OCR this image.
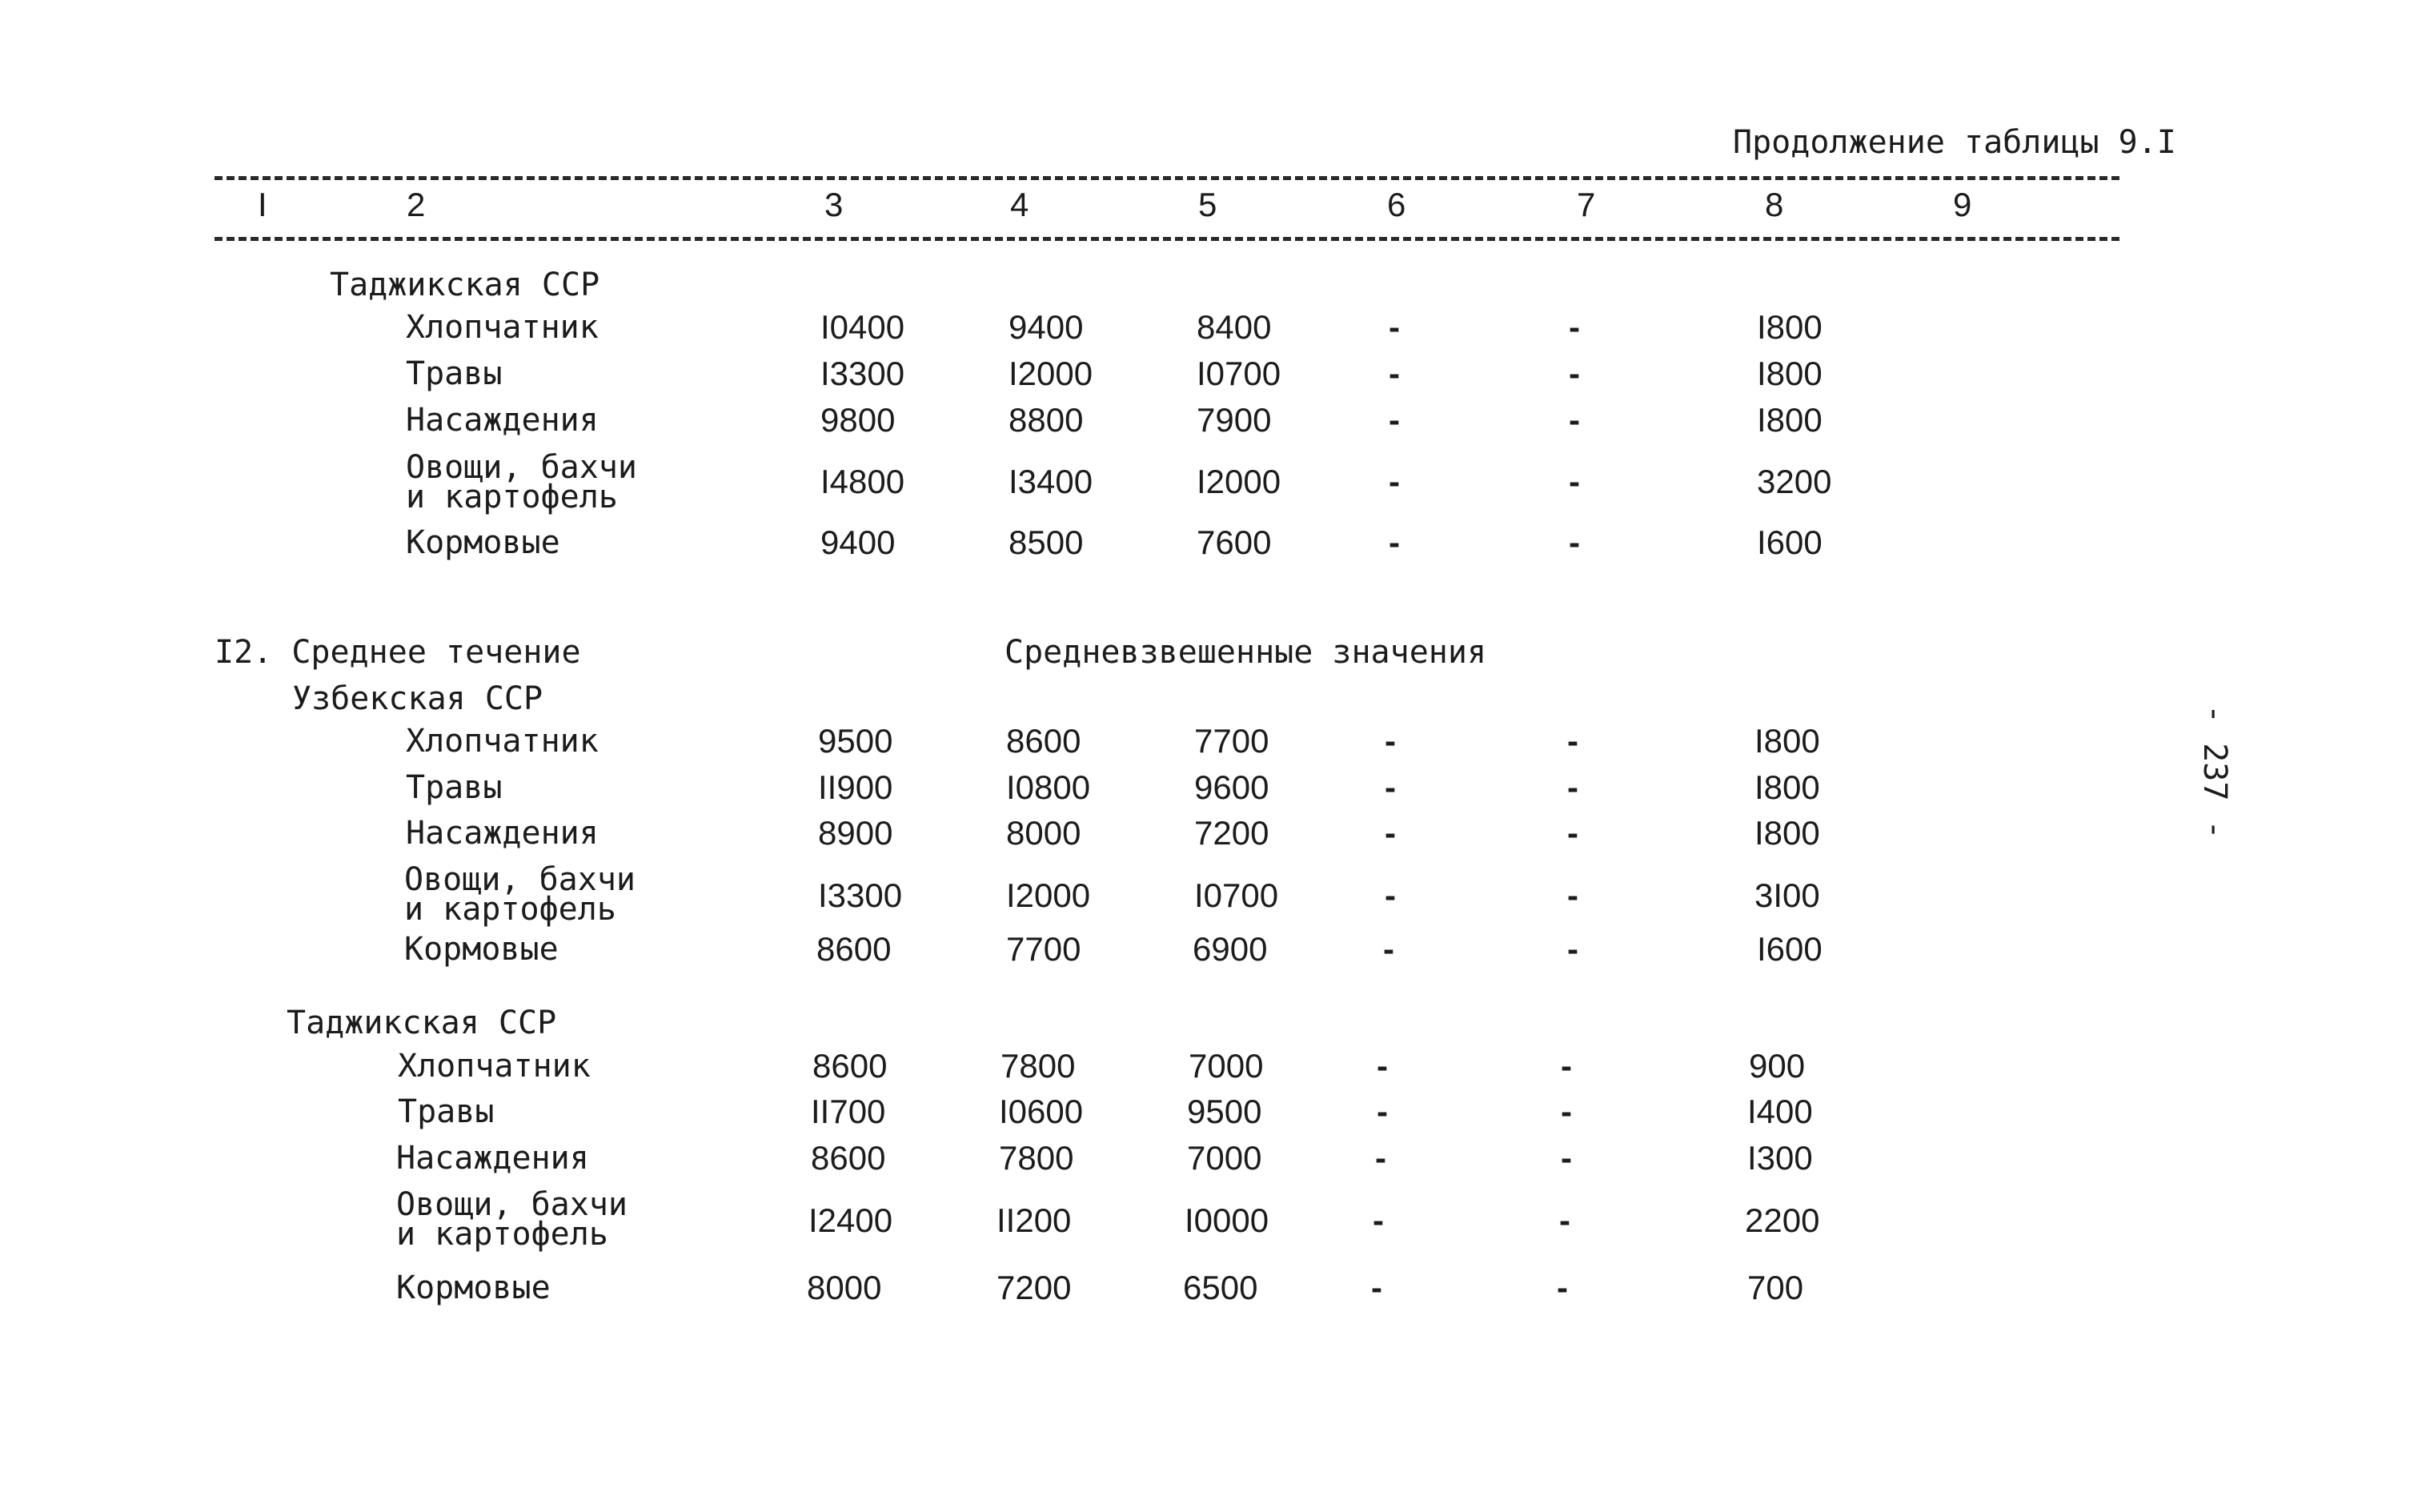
Продолжение таблицы 9.I
I	2	3	4	5	6	7	8	9
Таджикская ССР
Хлопчатник	I0400	9400	8400	-	-	I800
Травы	I3300	I2000	I0700	-	-	I800
Насаждения	9800	8800	7900	-	-	I800
Овощи, бахчи
и картофель	I4800	I3400	I2000	-	-	3200
Кормовые	9400	8500	7600	-	-	I600
I2. Среднее течение	Средневзвешенные значения
Узбекская ССР
Хлопчатник	9500	8600	7700	-	-	I800
Травы	II900	I0800	9600	-	-	I800
Насаждения	8900	8000	7200	-	-	I800
Овощи, бахчи
и картофель	I3300	I2000	I0700	-	-	3I00
Кормовые	8600	7700	6900	-	-	I600
Таджикская ССР
Хлопчатник	8600	7800	7000	-	-	900
Травы	II700	I0600	9500	-	-	I400
Насаждения	8600	7800	7000	-	-	I300
Овощи, бахчи
и картофель	I2400	II200	I0000	-	-	2200
Кормовые	8000	7200	6500	-	-	700
- 237 -
